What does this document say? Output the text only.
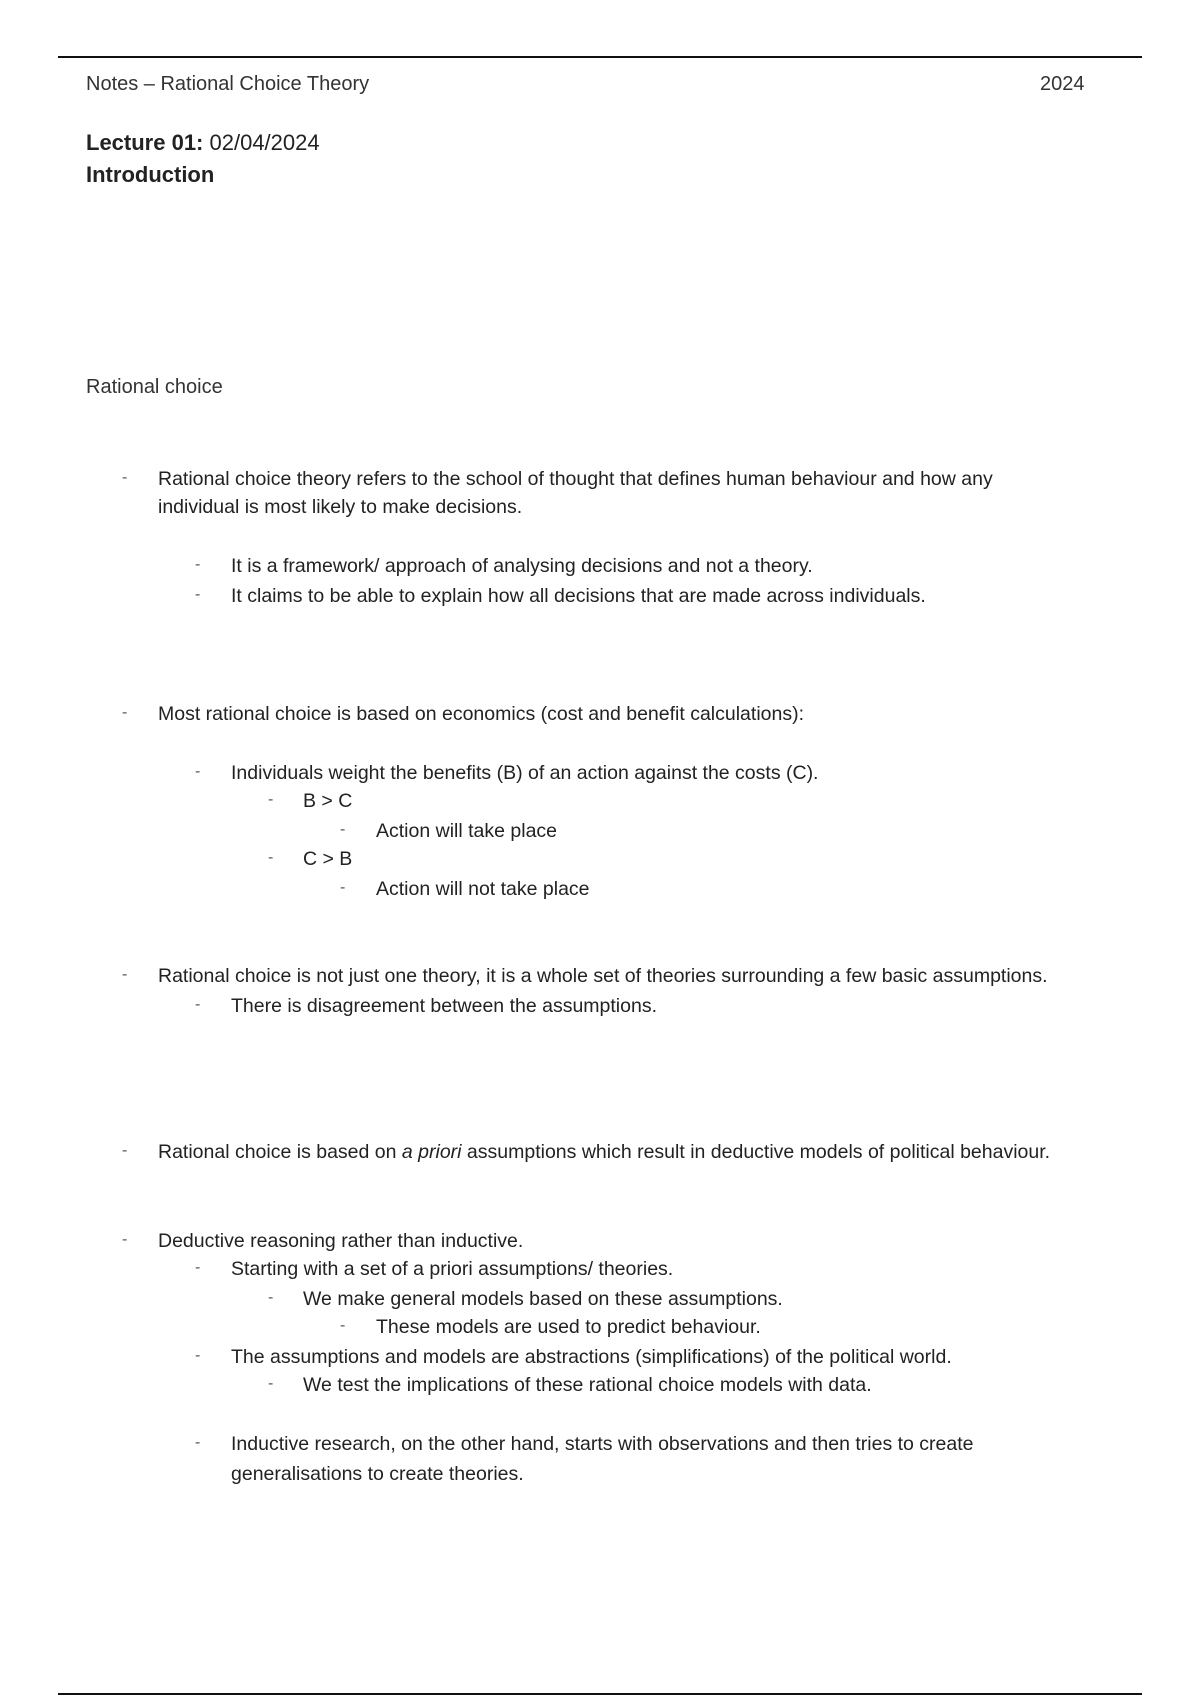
Notes – Rational Choice Theory	2024
Lecture 01: 02/04/2024
Introduction
Rational choice
- Rational choice theory refers to the school of thought that defines human behaviour and how any
individual is most likely to make decisions.
- It is a framework/ approach of analysing decisions and not a theory.
- It claims to be able to explain how all decisions that are made across individuals.
- Most rational choice is based on economics (cost and benefit calculations):
- Individuals weight the benefits (B) of an action against the costs (C).
- B > C
- Action will take place
- C > B
- Action will not take place
- Rational choice is not just one theory, it is a whole set of theories surrounding a few basic assumptions.
- There is disagreement between the assumptions.
- Rational choice is based on a priori assumptions which result in deductive models of political behaviour.
- Deductive reasoning rather than inductive.
- Starting with a set of a priori assumptions/ theories.
- We make general models based on these assumptions.
- These models are used to predict behaviour.
- The assumptions and models are abstractions (simplifications) of the political world.
- We test the implications of these rational choice models with data.
- Inductive research, on the other hand, starts with observations and then tries to create
generalisations to create theories.
